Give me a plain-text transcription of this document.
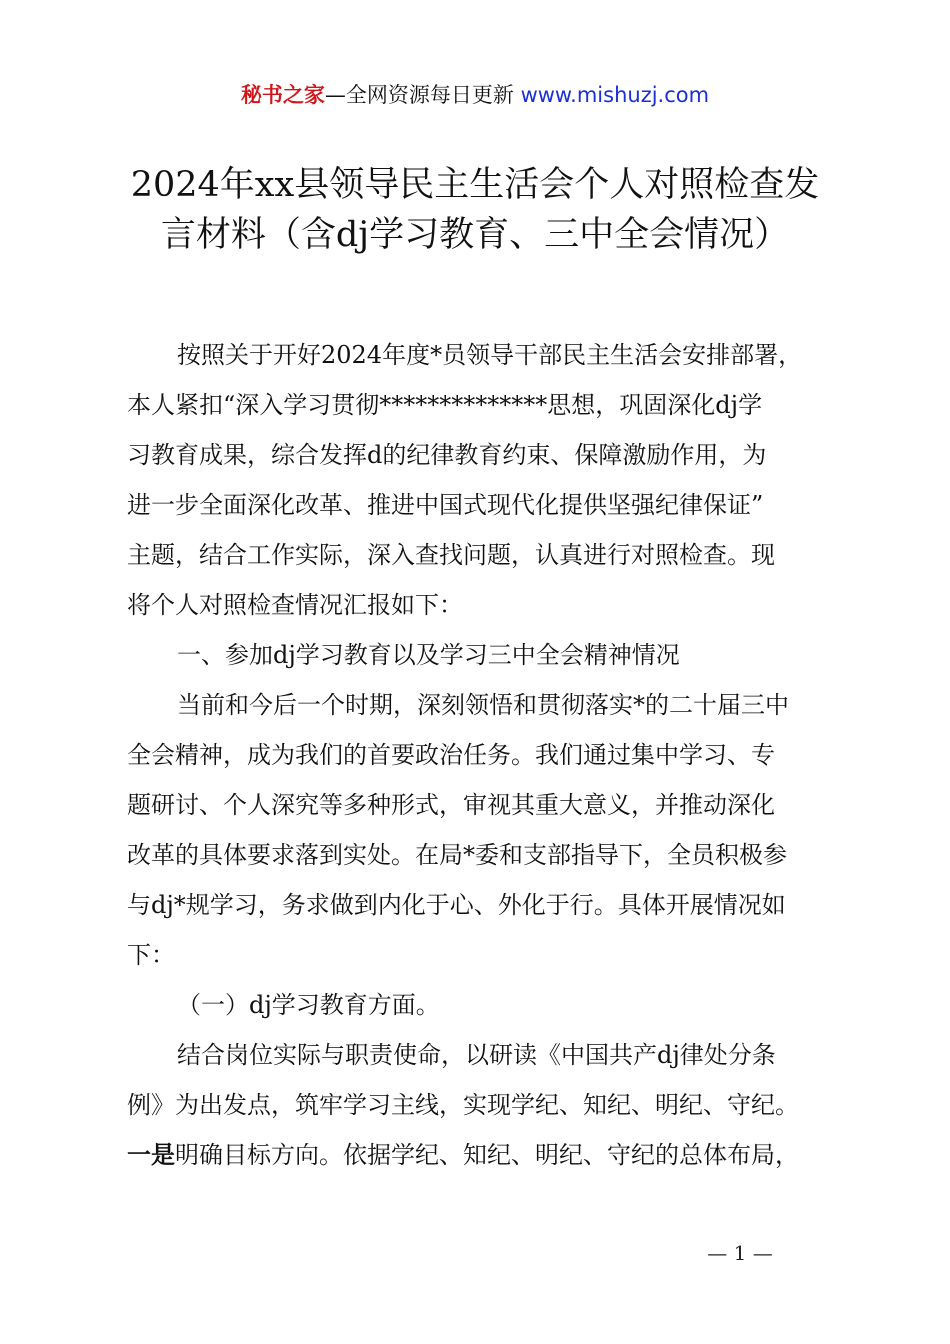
秘书之家—全网资源每日更新 www.mishuzj.com
2024年xx县领导民主生活会个人对照检查发
言材料（含dj学习教育、三中全会情况）
按照关于开好2024年度*员领导干部民主生活会安排部署，
本人紧扣“深入学习贯彻**************思想，巩固深化dj学
习教育成果，综合发挥d的纪律教育约束、保障激励作用，为
进一步全面深化改革、推进中国式现代化提供坚强纪律保证”
主题，结合工作实际，深入查找问题，认真进行对照检查。现
将个人对照检查情况汇报如下：
一、参加dj学习教育以及学习三中全会精神情况
当前和今后一个时期，深刻领悟和贯彻落实*的二十届三中
全会精神，成为我们的首要政治任务。我们通过集中学习、专
题研讨、个人深究等多种形式，审视其重大意义，并推动深化
改革的具体要求落到实处。在局*委和支部指导下，全员积极参
与dj*规学习，务求做到内化于心、外化于行。具体开展情况如
下：
（一）dj学习教育方面。
结合岗位实际与职责使命，以研读《中国共产dj律处分条
例》为出发点，筑牢学习主线，实现学纪、知纪、明纪、守纪。
一是明确目标方向。依据学纪、知纪、明纪、守纪的总体布局，
— 1 —
